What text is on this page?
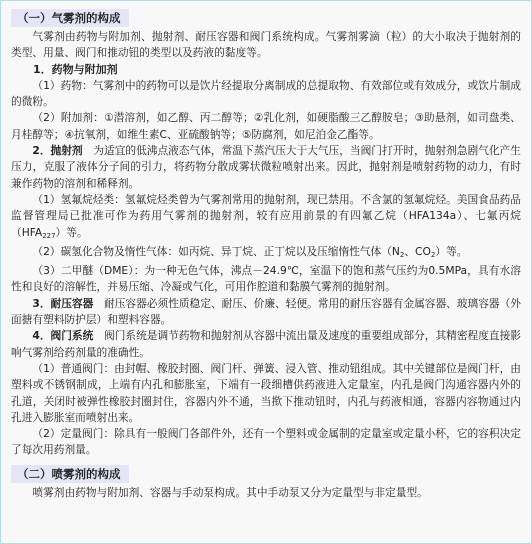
（一）气雾剂的构成
气雾剂由药物与附加剂、抛射剂、耐压容器和阀门系统构成。气雾剂雾滴（粒）的大小取决于抛射剂的类型、用量、阀门和推动钮的类型以及药液的黏度等。
1．药物与附加剂
（1）药物：气雾剂中的药物可以是饮片经提取分离制成的总提取物、有效部位或有效成分，或饮片制成的微粉。
（2）附加剂：①潜溶剂，如乙醇、丙二醇等；②乳化剂，如硬脂酸三乙醇胺皂；③助悬剂，如司盘类、月桂醇等；④抗氧剂，如维生素C、亚硫酸钠等；⑤防腐剂，如尼泊金乙酯等。
2．抛射剂　 为适宜的低沸点液态气体，常温下蒸汽压大于大气压，当阀门打开时，抛射剂急剧气化产生压力，克服了液体分子间的引力，将药物分散成雾状微粒喷射出来。因此，抛射剂是喷射药物的动力，有时兼作药物的溶剂和稀释剂。
（1）氢氟烷烃类：氢氟烷烃类曾为气雾剂常用的抛射剂，现已禁用。不含氯的氢氟烷烃。美国食品药品监督管理局已批准可作为药用气雾剂的抛射剂，较有应用前景的有四氟乙烷（HFA134a）、七氟丙烷（HFA227）等。
（2）碳氢化合物及惰性气体：如丙烷、异丁烷、正丁烷以及压缩惰性气体（N2、CO2）等。
（3）二甲醚（DME）：为一种无色气体，沸点－24.9℃，室温下的饱和蒸气压约为0.5MPa，具有水溶性和良好的溶解性，并易压缩、冷凝或气化，可用作腔道和黏膜气雾剂的抛射剂。
3．耐压容器　 耐压容器必须性质稳定、耐压、价廉、轻便。常用的耐压容器有金属容器、玻璃容器（外面搪有塑料防护层）和塑料容器。
4．阀门系统　 阀门系统是调节药物和抛射剂从容器中流出量及速度的重要组成部分，其精密程度直接影响气雾剂给药剂量的准确性。
（1）普通阀门：由封帽、橡胶封圈、阀门杆、弹簧、浸入管、推动钮组成。其中关键部位是阀门杆，由塑料或不锈钢制成，上端有内孔和膨胀室，下端有一段细槽供药液进入定量室，内孔是阀门沟通容器内外的孔道，关闭时被弹性橡胶封圈封住，容器内外不通，当揿下推动钮时，内孔与药液相通，容器内容物通过内孔进入膨胀室而喷射出来。
（2）定量阀门：除具有一般阀门各部件外，还有一个塑料或金属制的定量室或定量小杯，它的容积决定了每次用药剂量。
（二）喷雾剂的构成
喷雾剂由药物与附加剂、容器与手动泵构成。其中手动泵又分为定量型与非定量型。
